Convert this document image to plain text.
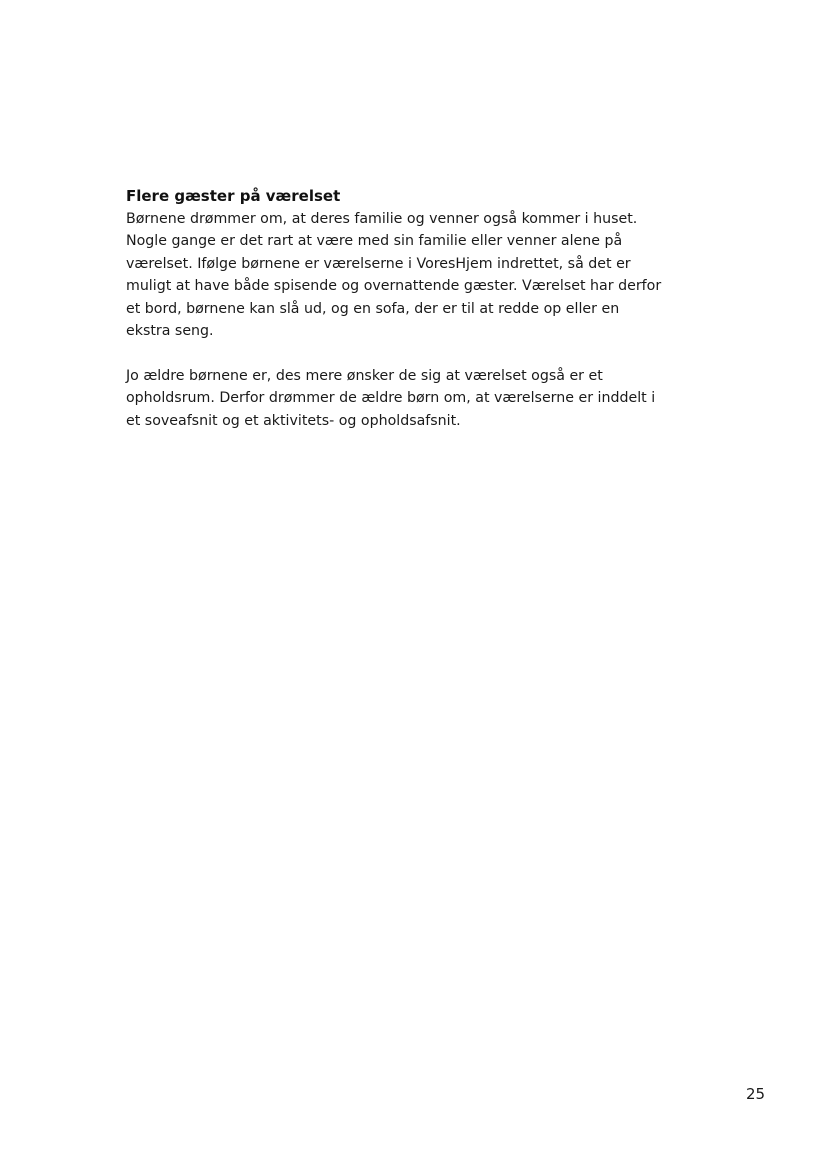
Flere gæster på værelset

Børnene drømmer om, at deres familie og venner også kommer i huset.
Nogle gange er det rart at være med sin familie eller venner alene på
værelset. Ifølge børnene er værelserne i VoresHjem indrettet, så det er
muligt at have både spisende og overnattende gæster. Værelset har derfor
et bord, børnene kan slå ud, og en sofa, der er til at redde op eller en
ekstra seng.

Jo ældre børnene er, des mere ønsker de sig at værelset også er et
opholdsrum. Derfor drømmer de ældre børn om, at værelserne er inddelt i
et soveafsnit og et aktivitets- og opholdsafsnit.

25
